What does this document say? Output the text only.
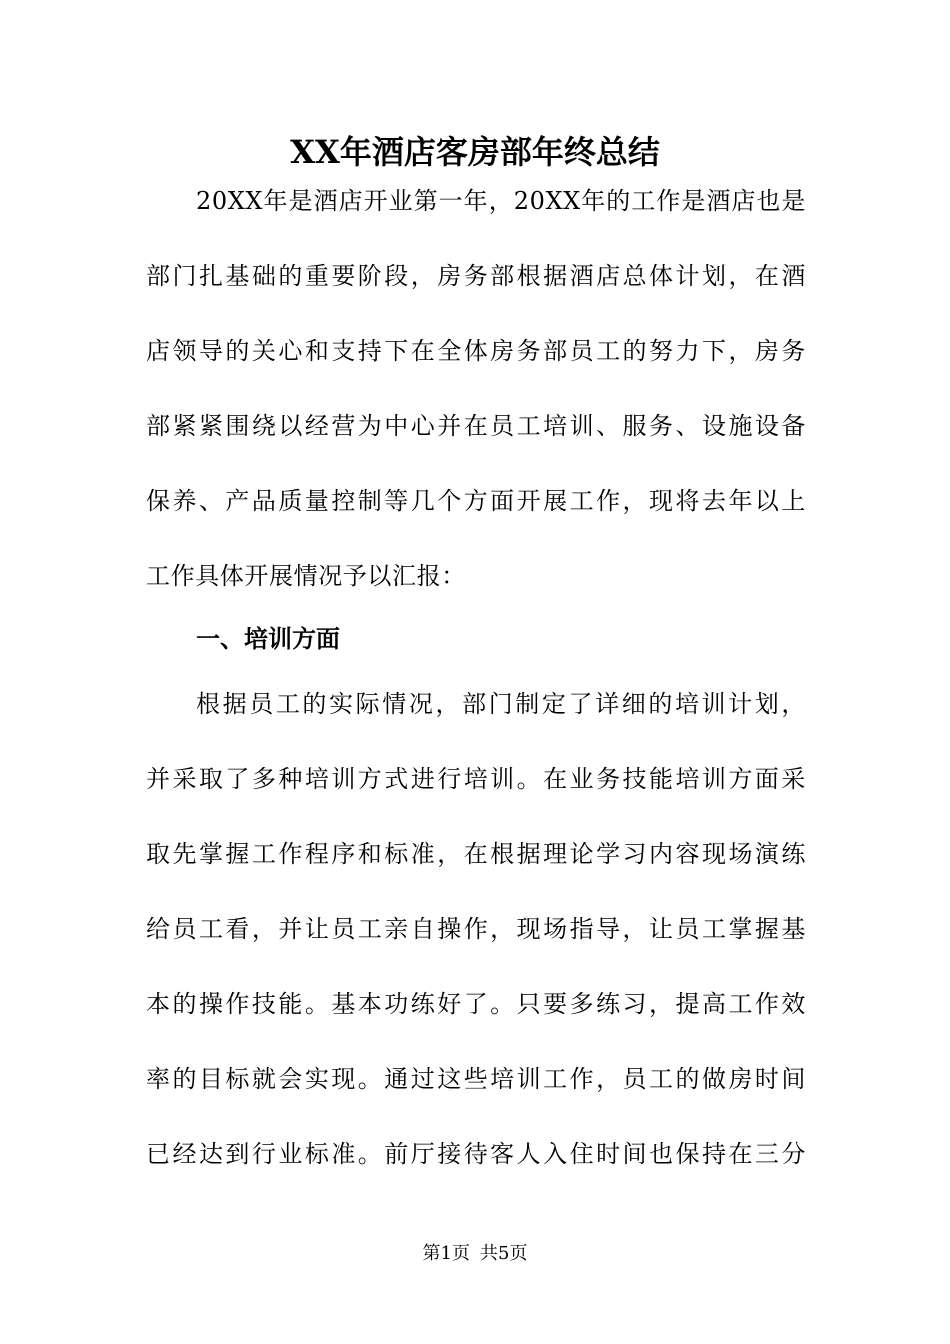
XX年酒店客房部年终总结
20XX年是酒店开业第一年，20XX年的工作是酒店也是
部门扎基础的重要阶段，房务部根据酒店总体计划，在酒
店领导的关心和支持下在全体房务部员工的努力下，房务
部紧紧围绕以经营为中心并在员工培训、服务、设施设备
保养、产品质量控制等几个方面开展工作，现将去年以上
工作具体开展情况予以汇报：
一、培训方面
根据员工的实际情况，部门制定了详细的培训计划，
并采取了多种培训方式进行培训。在业务技能培训方面采
取先掌握工作程序和标准，在根据理论学习内容现场演练
给员工看，并让员工亲自操作，现场指导，让员工掌握基
本的操作技能。基本功练好了。只要多练习，提高工作效
率的目标就会实现。通过这些培训工作，员工的做房时间
已经达到行业标准。前厅接待客人入住时间也保持在三分
第1页 共5页
